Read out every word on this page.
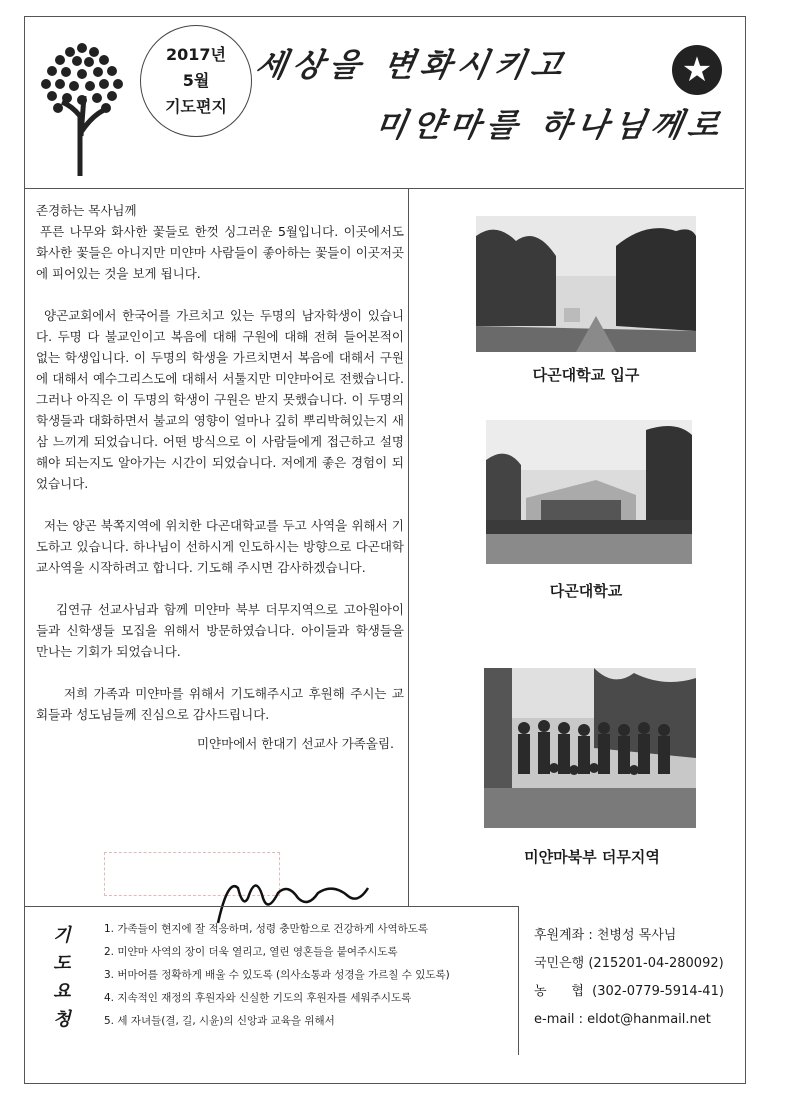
2017년
5월
기도편지
세상을 변화시키고
미얀마를 하나님께로
★

존경하는 목사님께

푸른 나무와 화사한 꽃들로 한껏 싱그러운 5월입니다. 이곳에서도 화사한 꽃들은 아니지만 미얀마 사람들이 좋아하는 꽃들이 이곳저곳에 피어있는 것을 보게 됩니다.

양곤교회에서 한국어를 가르치고 있는 두명의 남자학생이 있습니다. 두명 다 불교인이고 복음에 대해 구원에 대해 전혀 들어본적이 없는 학생입니다. 이 두명의 학생을 가르치면서 복음에 대해서 구원에 대해서 예수그리스도에 대해서 서툴지만 미얀마어로 전했습니다. 그러나 아직은 이 두명의 학생이 구원은 받지 못했습니다. 이 두명의 학생들과 대화하면서 불교의 영향이 얼마나 깊히 뿌리박혀있는지 새삼 느끼게 되었습니다. 어떤 방식으로 이 사람들에게 접근하고 설명해야 되는지도 알아가는 시간이 되었습니다. 저에게 좋은 경험이 되었습니다.

저는 양곤 북쪽지역에 위치한 다곤대학교를 두고 사역을 위해서 기도하고 있습니다. 하나님이 선하시게 인도하시는 방향으로 다곤대학교사역을 시작하려고 합니다. 기도해 주시면 감사하겠습니다.

김연규 선교사님과 함께 미얀마 북부 더무지역으로 고아원아이들과 신학생들 모집을 위해서 방문하였습니다. 아이들과 학생들을 만나는 기회가 되었습니다.

저희 가족과 미얀마를 위해서 기도해주시고 후원해 주시는 교회들과 성도님들께 진심으로 감사드립니다.

미얀마에서 한대기 선교사 가족올림.

다곤대학교 입구
다곤대학교
미얀마북부 더무지역
기도
요청
1. 가족들이 현지에 잘 적응하며, 성령 충만함으로 건강하게 사역하도록
2. 미얀마 사역의 장이 더욱 열리고, 열린 영혼들을 붙여주시도록
3. 버마어를 정확하게 배울 수 있도록 (의사소통과 성경을 가르칠 수 있도록)
4. 지속적인 재정의 후원자와 신실한 기도의 후원자를 세워주시도록
5. 세 자녀들(결, 길, 시윤)의 신앙과 교육을 위해서
후원계좌 : 천병성 목사님
국민은행 (215201-04-280092)
농      협  (302-0779-5914-41)
e-mail : eldot@hanmail.net
